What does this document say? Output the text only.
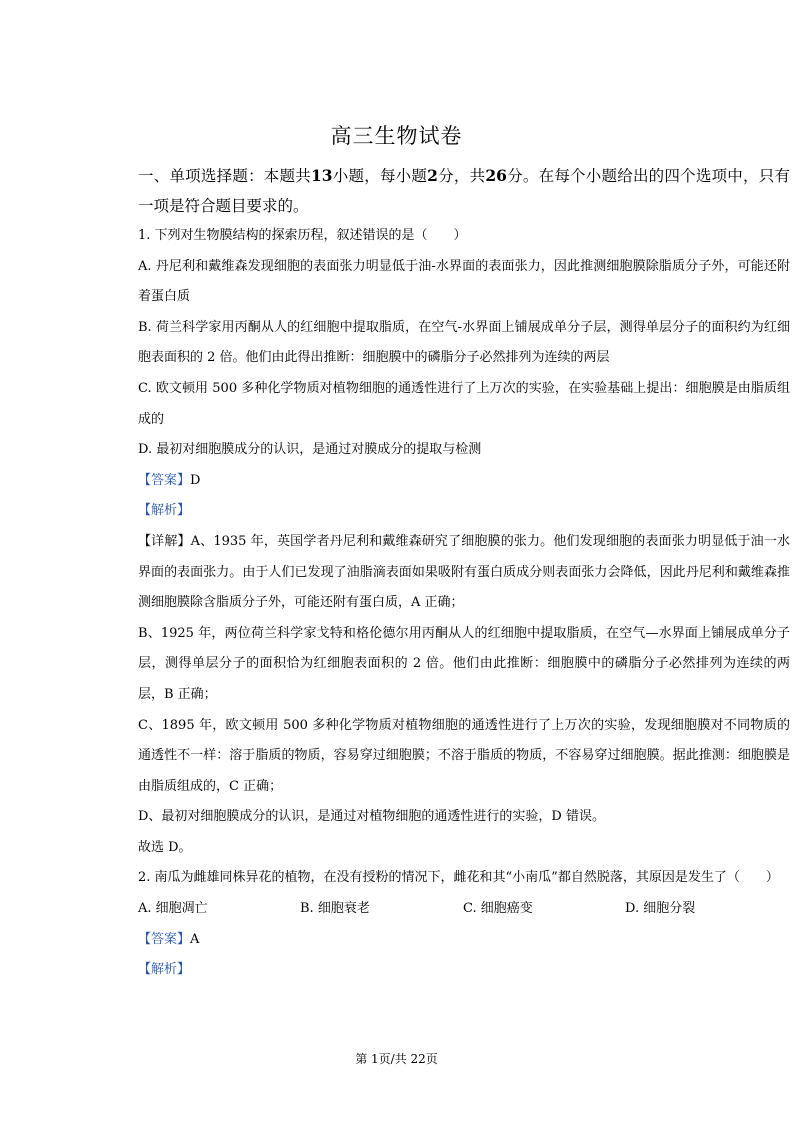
高三生物试卷

一、单项选择题：本题共13小题，每小题2分，共26分。在每个小题给出的四个选项中，只有一项是符合题目要求的。

1. 下列对生物膜结构的探索历程，叙述错误的是（　　）

A. 丹尼利和戴维森发现细胞的表面张力明显低于油-水界面的表面张力，因此推测细胞膜除脂质分子外，可能还附着蛋白质

B. 荷兰科学家用丙酮从人的红细胞中提取脂质，在空气-水界面上铺展成单分子层，测得单层分子的面积约为红细胞表面积的 2 倍。他们由此得出推断：细胞膜中的磷脂分子必然排列为连续的两层

C. 欧文顿用 500 多种化学物质对植物细胞的通透性进行了上万次的实验，在实验基础上提出：细胞膜是由脂质组成的

D. 最初对细胞膜成分的认识，是通过对膜成分的提取与检测

【答案】D

【解析】

【详解】A、1935 年，英国学者丹尼利和戴维森研究了细胞膜的张力。他们发现细胞的表面张力明显低于油一水界面的表面张力。由于人们已发现了油脂滴表面如果吸附有蛋白质成分则表面张力会降低，因此丹尼利和戴维森推测细胞膜除含脂质分子外，可能还附有蛋白质，A 正确；

B、1925 年，两位荷兰科学家戈特和格伦德尔用丙酮从人的红细胞中提取脂质，在空气—水界面上铺展成单分子层，测得单层分子的面积恰为红细胞表面积的 2 倍。他们由此推断：细胞膜中的磷脂分子必然排列为连续的两层，B 正确；

C、1895 年，欧文顿用 500 多种化学物质对植物细胞的通透性进行了上万次的实验，发现细胞膜对不同物质的通透性不一样：溶于脂质的物质，容易穿过细胞膜；不溶于脂质的物质，不容易穿过细胞膜。据此推测：细胞膜是由脂质组成的，C 正确；

D、最初对细胞膜成分的认识，是通过对植物细胞的通透性进行的实验，D 错误。

故选 D。

2. 南瓜为雌雄同株异花的植物，在没有授粉的情况下，雌花和其“小南瓜”都自然脱落，其原因是发生了（　　）

A. 细胞凋亡	B. 细胞衰老	C. 细胞癌变	D. 细胞分裂

【答案】A

【解析】

第 1页/共 22页
